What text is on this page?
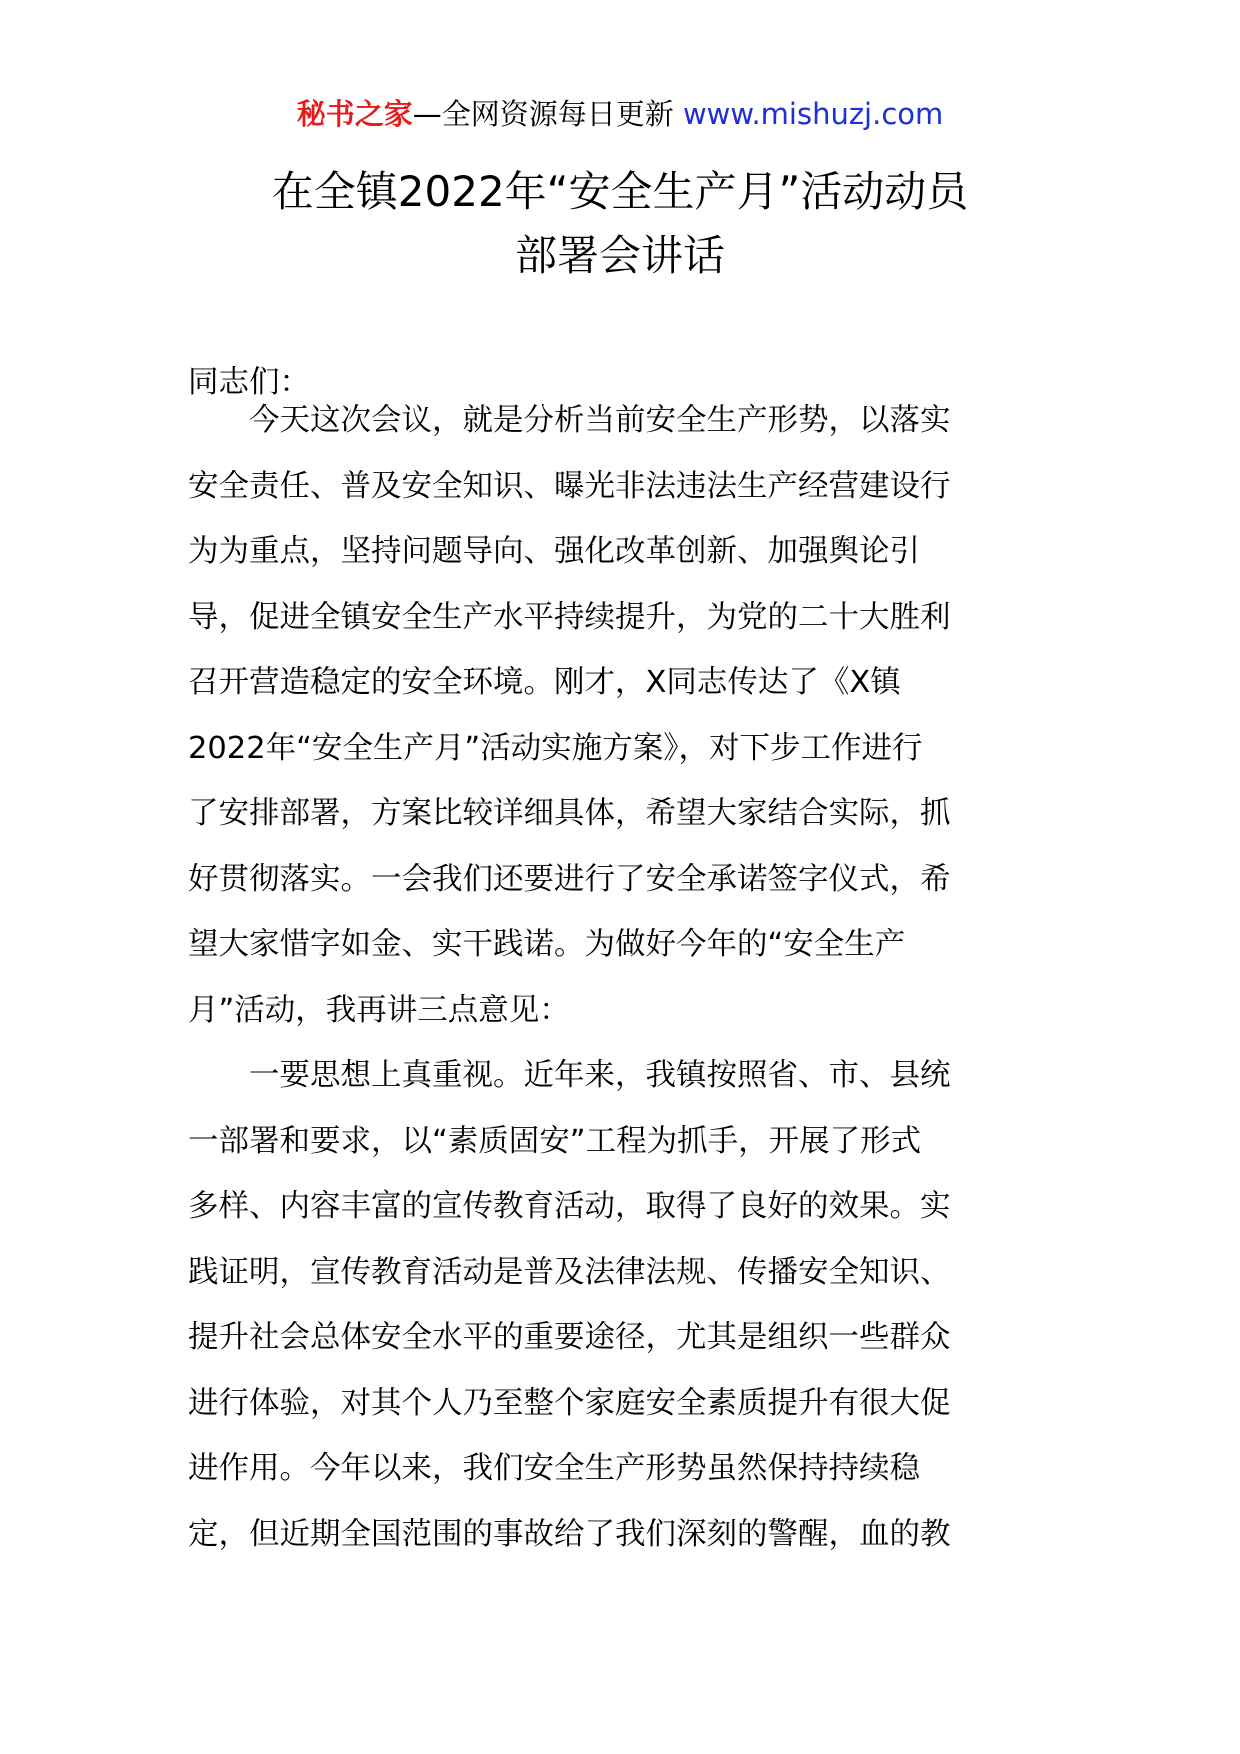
秘书之家—全网资源每日更新 www.mishuzj.com
在全镇2022年“安全生产月”活动动员
部署会讲话
同志们：
　　今天这次会议，就是分析当前安全生产形势，以落实
安全责任、普及安全知识、曝光非法违法生产经营建设行
为为重点，坚持问题导向、强化改革创新、加强舆论引
导，促进全镇安全生产水平持续提升，为党的二十大胜利
召开营造稳定的安全环境。刚才，X同志传达了《X镇
2022年“安全生产月”活动实施方案》，对下步工作进行
了安排部署，方案比较详细具体，希望大家结合实际，抓
好贯彻落实。一会我们还要进行了安全承诺签字仪式，希
望大家惜字如金、实干践诺。为做好今年的“安全生产
月”活动，我再讲三点意见：
　　一要思想上真重视。近年来，我镇按照省、市、县统
一部署和要求，以“素质固安”工程为抓手，开展了形式
多样、内容丰富的宣传教育活动，取得了良好的效果。实
践证明，宣传教育活动是普及法律法规、传播安全知识、
提升社会总体安全水平的重要途径，尤其是组织一些群众
进行体验，对其个人乃至整个家庭安全素质提升有很大促
进作用。今年以来，我们安全生产形势虽然保持持续稳
定，但近期全国范围的事故给了我们深刻的警醒，血的教
